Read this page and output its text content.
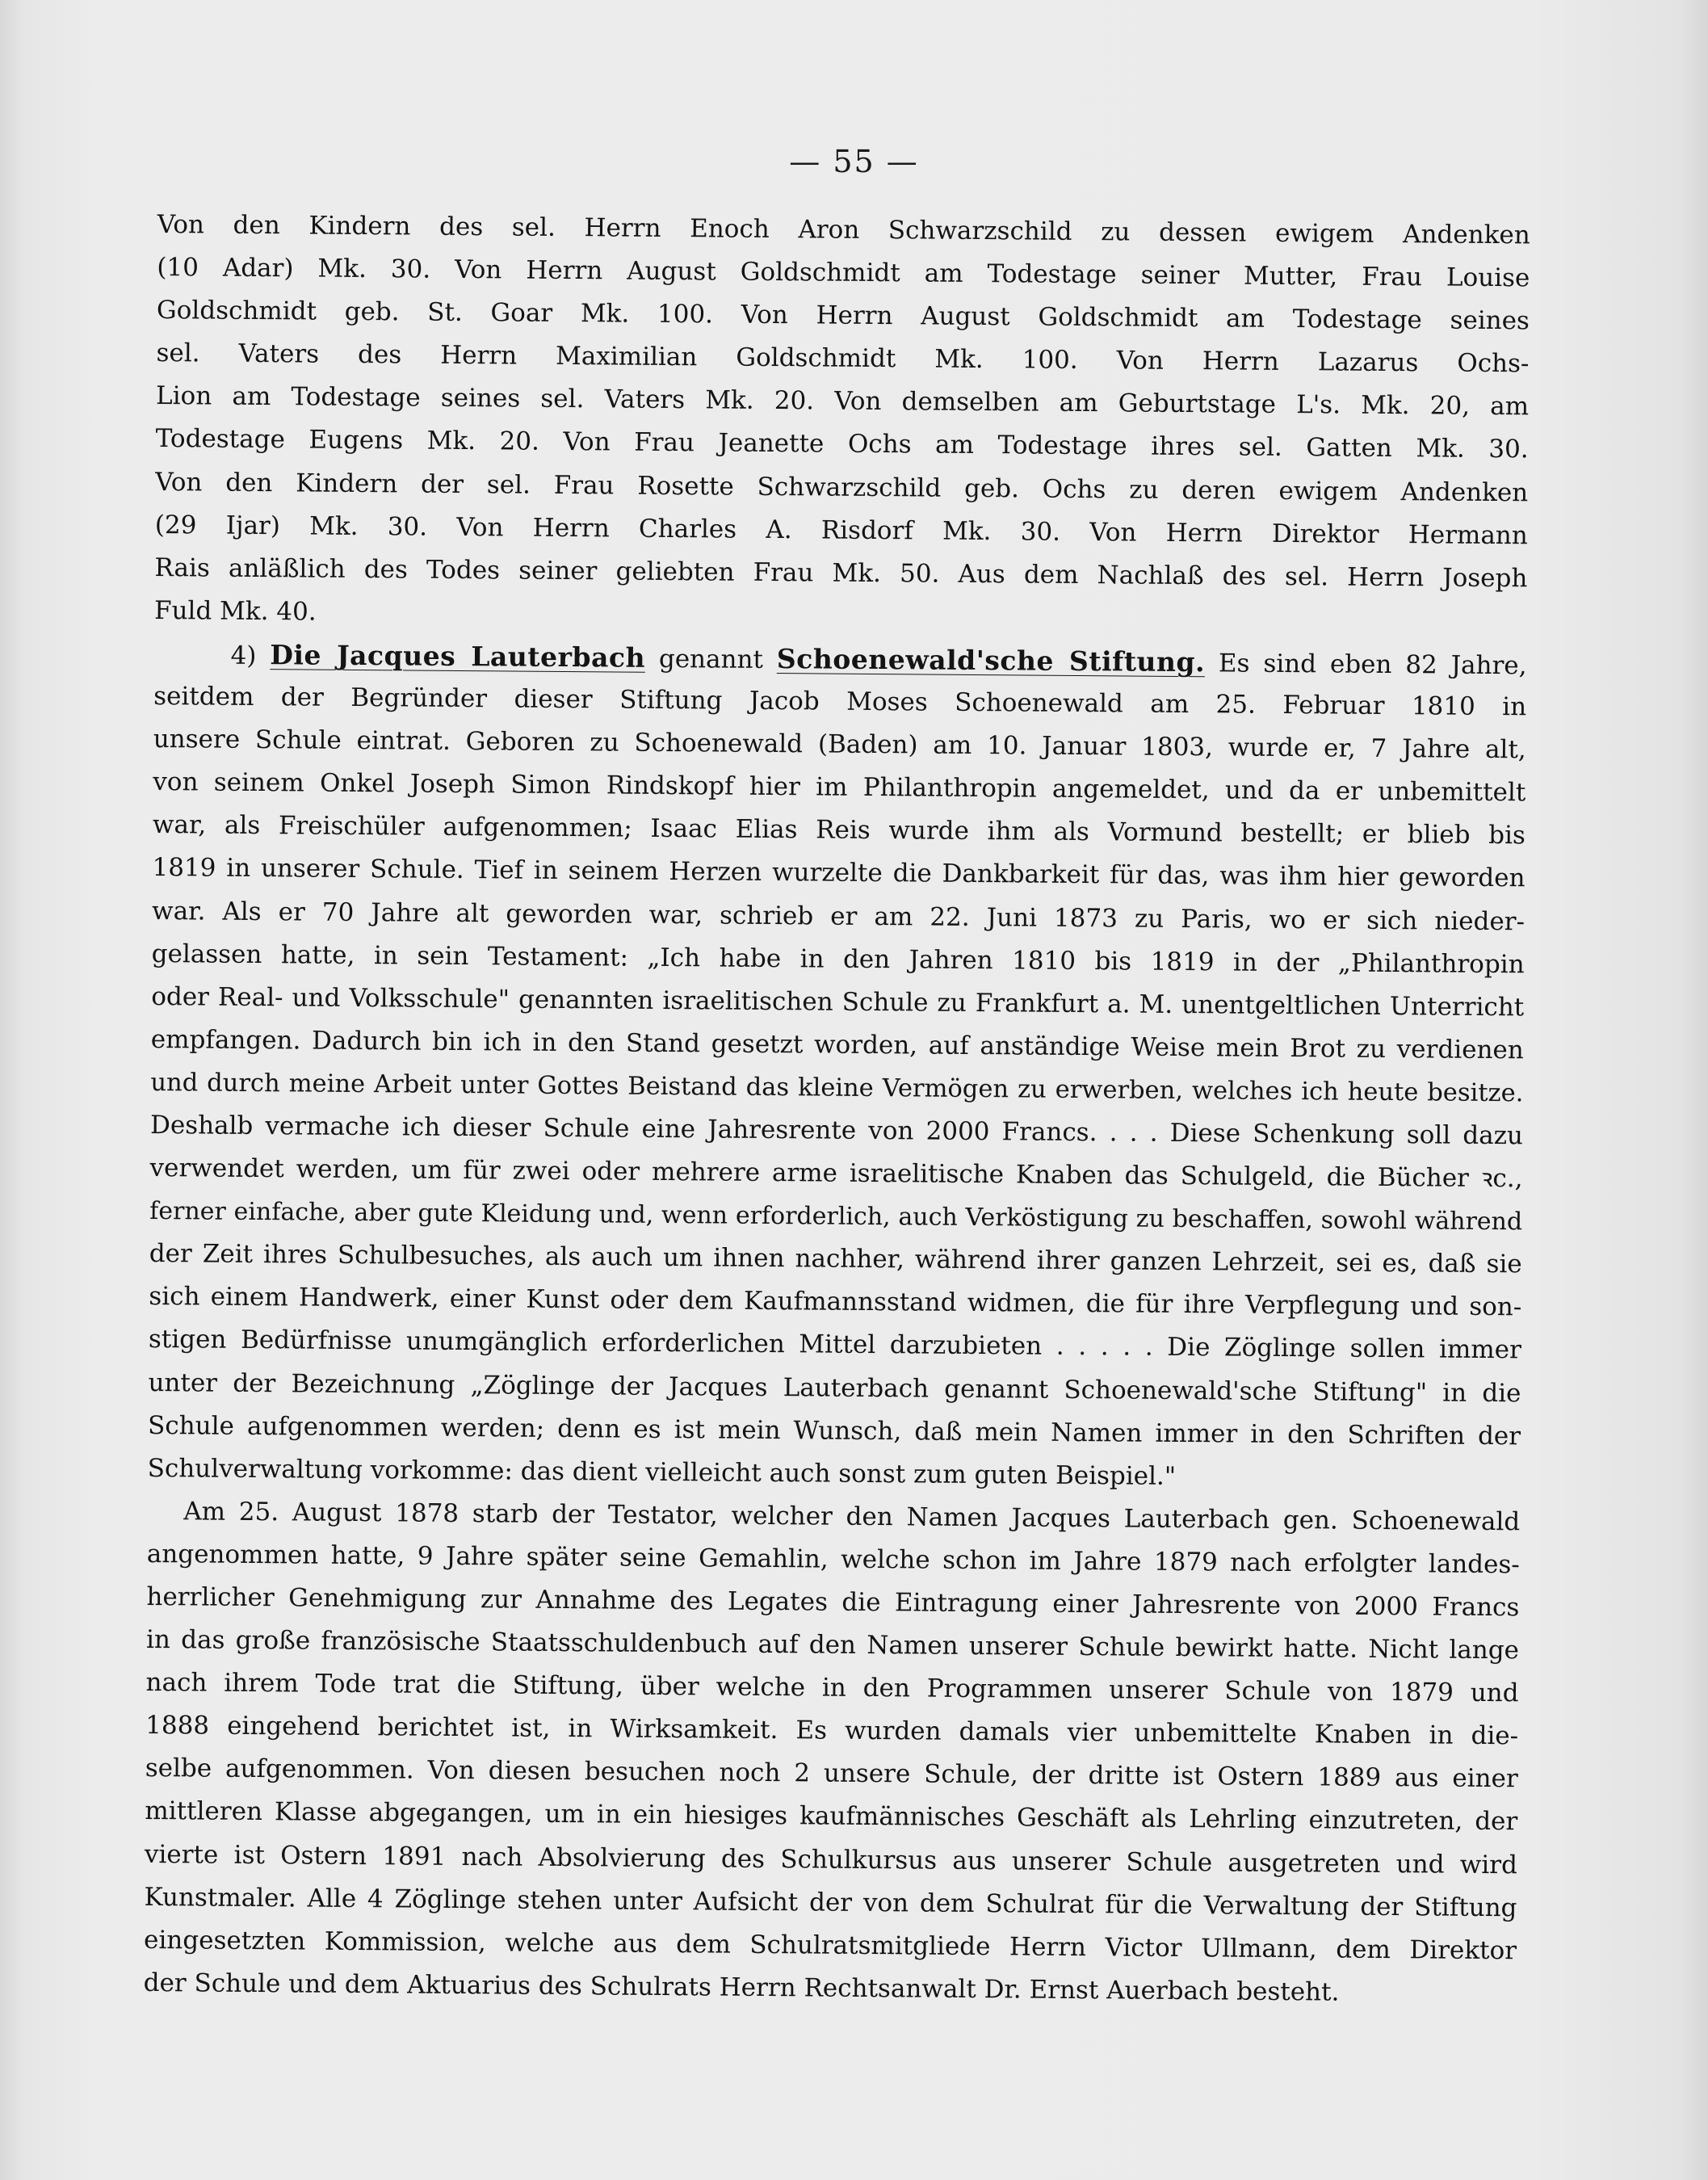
— 55 —
Von den Kindern des sel. Herrn Enoch Aron Schwarzschild zu dessen ewigem Andenken
(10 Adar) Mk. 30. Von Herrn August Goldschmidt am Todestage seiner Mutter, Frau Louise
Goldschmidt geb. St. Goar Mk. 100. Von Herrn August Goldschmidt am Todestage seines
sel. Vaters des Herrn Maximilian Goldschmidt Mk. 100. Von Herrn Lazarus Ochs-
Lion am Todestage seines sel. Vaters Mk. 20. Von demselben am Geburtstage L's. Mk. 20, am
Todestage Eugens Mk. 20. Von Frau Jeanette Ochs am Todestage ihres sel. Gatten Mk. 30.
Von den Kindern der sel. Frau Rosette Schwarzschild geb. Ochs zu deren ewigem Andenken
(29 Ijar) Mk. 30. Von Herrn Charles A. Risdorf Mk. 30. Von Herrn Direktor Hermann
Rais anläßlich des Todes seiner geliebten Frau Mk. 50. Aus dem Nachlaß des sel. Herrn Joseph
Fuld Mk. 40.
4) Die Jacques Lauterbach genannt Schoenewald'sche Stiftung. Es sind eben 82 Jahre,
seitdem der Begründer dieser Stiftung Jacob Moses Schoenewald am 25. Februar 1810 in
unsere Schule eintrat. Geboren zu Schoenewald (Baden) am 10. Januar 1803, wurde er, 7 Jahre alt,
von seinem Onkel Joseph Simon Rindskopf hier im Philanthropin angemeldet, und da er unbemittelt
war, als Freischüler aufgenommen; Isaac Elias Reis wurde ihm als Vormund bestellt; er blieb bis
1819 in unserer Schule. Tief in seinem Herzen wurzelte die Dankbarkeit für das, was ihm hier geworden
war. Als er 70 Jahre alt geworden war, schrieb er am 22. Juni 1873 zu Paris, wo er sich nieder-
gelassen hatte, in sein Testament: „Ich habe in den Jahren 1810 bis 1819 in der „Philanthropin
oder Real- und Volksschule" genannten israelitischen Schule zu Frankfurt a. M. unentgeltlichen Unterricht
empfangen. Dadurch bin ich in den Stand gesetzt worden, auf anständige Weise mein Brot zu verdienen
und durch meine Arbeit unter Gottes Beistand das kleine Vermögen zu erwerben, welches ich heute besitze.
Deshalb vermache ich dieser Schule eine Jahresrente von 2000 Francs. . . . Diese Schenkung soll dazu
verwendet werden, um für zwei oder mehrere arme israelitische Knaben das Schulgeld, die Bücher ꝛc.,
ferner einfache, aber gute Kleidung und, wenn erforderlich, auch Verköstigung zu beschaffen, sowohl während
der Zeit ihres Schulbesuches, als auch um ihnen nachher, während ihrer ganzen Lehrzeit, sei es, daß sie
sich einem Handwerk, einer Kunst oder dem Kaufmannsstand widmen, die für ihre Verpflegung und son-
stigen Bedürfnisse unumgänglich erforderlichen Mittel darzubieten . . . . . Die Zöglinge sollen immer
unter der Bezeichnung „Zöglinge der Jacques Lauterbach genannt Schoenewald'sche Stiftung" in die
Schule aufgenommen werden; denn es ist mein Wunsch, daß mein Namen immer in den Schriften der
Schulverwaltung vorkomme: das dient vielleicht auch sonst zum guten Beispiel."
Am 25. August 1878 starb der Testator, welcher den Namen Jacques Lauterbach gen. Schoenewald
angenommen hatte, 9 Jahre später seine Gemahlin, welche schon im Jahre 1879 nach erfolgter landes-
herrlicher Genehmigung zur Annahme des Legates die Eintragung einer Jahresrente von 2000 Francs
in das große französische Staatsschuldenbuch auf den Namen unserer Schule bewirkt hatte. Nicht lange
nach ihrem Tode trat die Stiftung, über welche in den Programmen unserer Schule von 1879 und
1888 eingehend berichtet ist, in Wirksamkeit. Es wurden damals vier unbemittelte Knaben in die-
selbe aufgenommen. Von diesen besuchen noch 2 unsere Schule, der dritte ist Ostern 1889 aus einer
mittleren Klasse abgegangen, um in ein hiesiges kaufmännisches Geschäft als Lehrling einzutreten, der
vierte ist Ostern 1891 nach Absolvierung des Schulkursus aus unserer Schule ausgetreten und wird
Kunstmaler. Alle 4 Zöglinge stehen unter Aufsicht der von dem Schulrat für die Verwaltung der Stiftung
eingesetzten Kommission, welche aus dem Schulratsmitgliede Herrn Victor Ullmann, dem Direktor
der Schule und dem Aktuarius des Schulrats Herrn Rechtsanwalt Dr. Ernst Auerbach besteht.
